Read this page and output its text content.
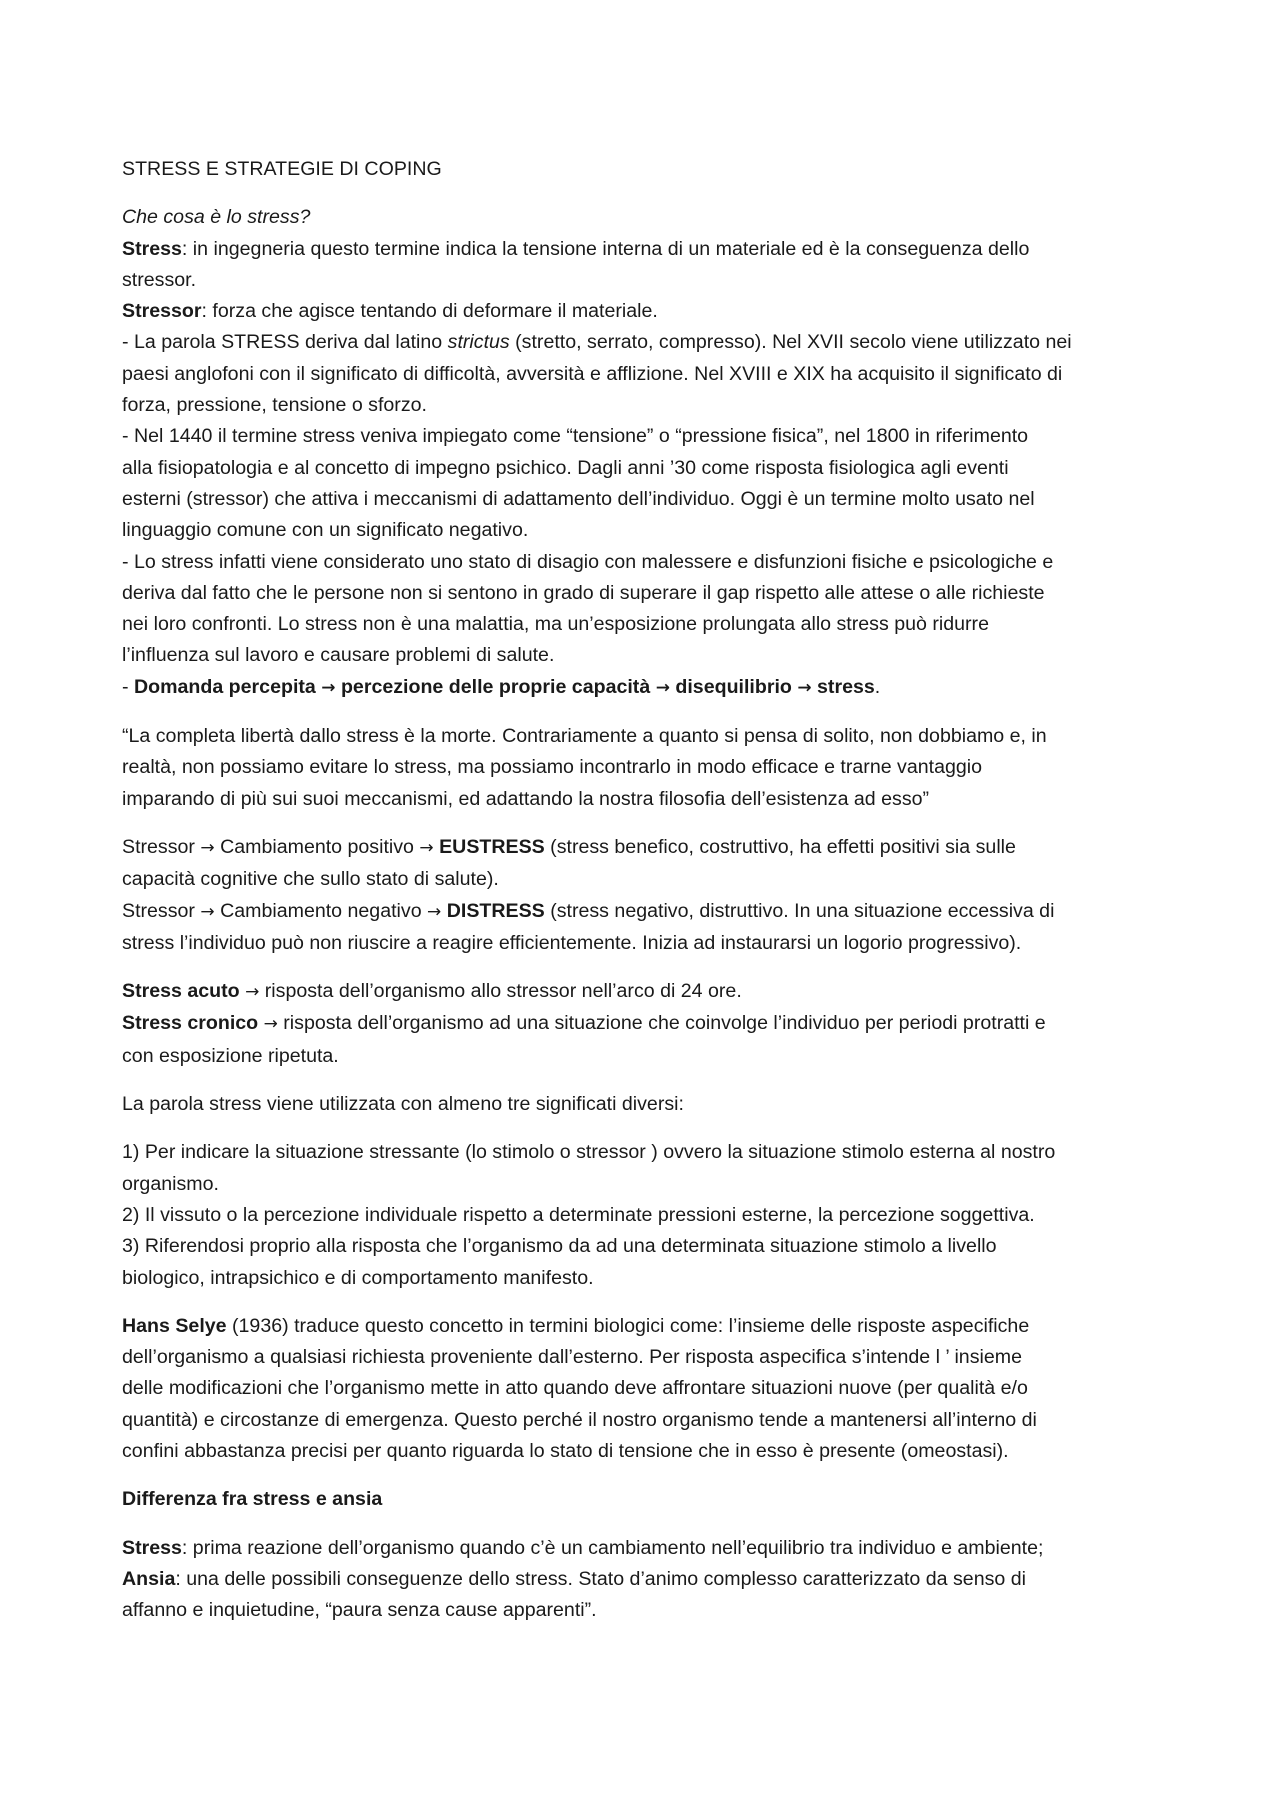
STRESS E STRATEGIE DI COPING

Che cosa è lo stress?
Stress: in ingegneria questo termine indica la tensione interna di un materiale ed è la conseguenza dello
stressor.
Stressor: forza che agisce tentando di deformare il materiale.
- La parola STRESS deriva dal latino strictus (stretto, serrato, compresso). Nel XVII secolo viene utilizzato nei
paesi anglofoni con il significato di difficoltà, avversità e afflizione. Nel XVIII e XIX ha acquisito il significato di
forza, pressione, tensione o sforzo.
- Nel 1440 il termine stress veniva impiegato come “tensione” o “pressione fisica”, nel 1800 in riferimento
alla fisiopatologia e al concetto di impegno psichico. Dagli anni ’30 come risposta fisiologica agli eventi
esterni (stressor) che attiva i meccanismi di adattamento dell’individuo. Oggi è un termine molto usato nel
linguaggio comune con un significato negativo.
- Lo stress infatti viene considerato uno stato di disagio con malessere e disfunzioni fisiche e psicologiche e
deriva dal fatto che le persone non si sentono in grado di superare il gap rispetto alle attese o alle richieste
nei loro confronti. Lo stress non è una malattia, ma un’esposizione prolungata allo stress può ridurre
l’influenza sul lavoro e causare problemi di salute.
- Domanda percepita → percezione delle proprie capacità → disequilibrio → stress.

“La completa libertà dallo stress è la morte. Contrariamente a quanto si pensa di solito, non dobbiamo e, in
realtà, non possiamo evitare lo stress, ma possiamo incontrarlo in modo efficace e trarne vantaggio
imparando di più sui suoi meccanismi, ed adattando la nostra filosofia dell’esistenza ad esso”

Stressor → Cambiamento positivo → EUSTRESS (stress benefico, costruttivo, ha effetti positivi sia sulle
capacità cognitive che sullo stato di salute).
Stressor → Cambiamento negativo → DISTRESS (stress negativo, distruttivo. In una situazione eccessiva di
stress l’individuo può non riuscire a reagire efficientemente. Inizia ad instaurarsi un logorio progressivo).

Stress acuto → risposta dell’organismo allo stressor nell’arco di 24 ore.
Stress cronico → risposta dell’organismo ad una situazione che coinvolge l’individuo per periodi protratti e
con esposizione ripetuta.

La parola stress viene utilizzata con almeno tre significati diversi:

1) Per indicare la situazione stressante (lo stimolo o stressor ) ovvero la situazione stimolo esterna al nostro
organismo.
2) Il vissuto o la percezione individuale rispetto a determinate pressioni esterne, la percezione soggettiva.
3) Riferendosi proprio alla risposta che l’organismo da ad una determinata situazione stimolo a livello
biologico, intrapsichico e di comportamento manifesto.

Hans Selye (1936) traduce questo concetto in termini biologici come: l’insieme delle risposte aspecifiche
dell’organismo a qualsiasi richiesta proveniente dall’esterno. Per risposta aspecifica s’intende l ’ insieme
delle modificazioni che l’organismo mette in atto quando deve affrontare situazioni nuove (per qualità e/o
quantità) e circostanze di emergenza. Questo perché il nostro organismo tende a mantenersi all’interno di
confini abbastanza precisi per quanto riguarda lo stato di tensione che in esso è presente (omeostasi).

Differenza fra stress e ansia

Stress: prima reazione dell’organismo quando c’è un cambiamento nell’equilibrio tra individuo e ambiente;
Ansia: una delle possibili conseguenze dello stress. Stato d’animo complesso caratterizzato da senso di
affanno e inquietudine, “paura senza cause apparenti”.
